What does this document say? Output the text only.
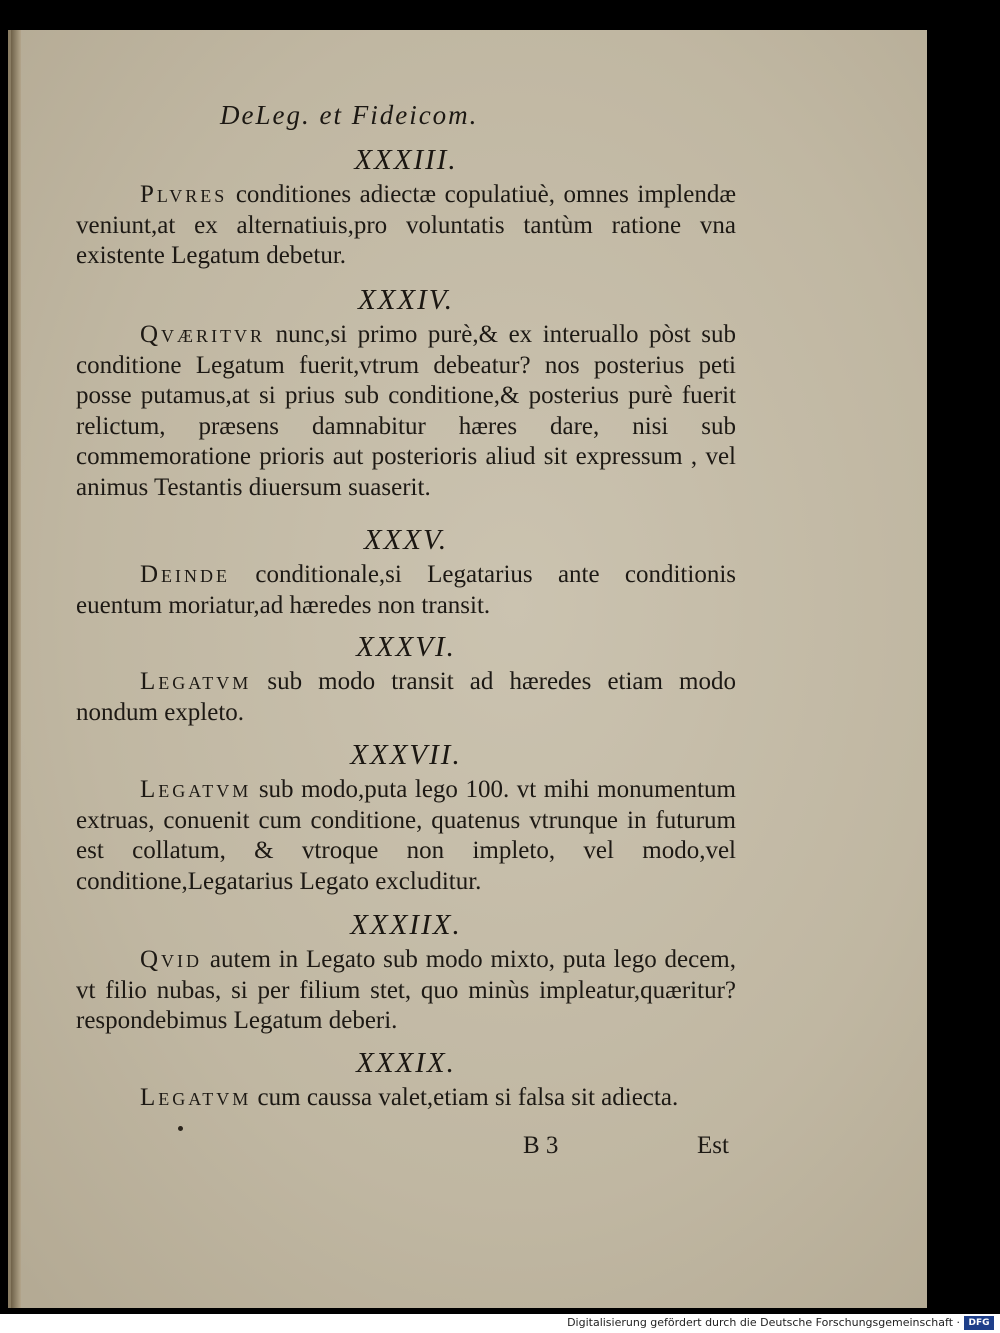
DeLeg. et Fideicom.
XXXIII.
Plvres conditiones adiectæ copulatiuè, omnes implendæ veniunt,at ex alternatiuis,pro voluntatis tantùm ratione vna existente Legatum debetur.
XXXIV.
Qværitvr nunc,si primo purè,& ex interuallo pòst sub conditione Legatum fuerit,vtrum debeatur? nos posterius peti posse putamus,at si prius sub conditione,& posterius purè fuerit relictum, præsens damnabitur hæres dare, nisi sub commemoratione prioris aut posterioris aliud sit expressum , vel animus Testantis diuersum suaserit.
XXXV.
Deinde conditionale,si Legatarius ante conditionis euentum moriatur,ad hæredes non transit.
XXXVI.
Legatvm sub modo transit ad hæredes etiam modo nondum expleto.
XXXVII.
Legatvm sub modo,puta lego 100. vt mihi monumentum extruas, conuenit cum conditione, quatenus vtrunque in futurum est collatum, & vtroque non impleto, vel modo,vel conditione,Legatarius Legato excluditur.
XXXIIX.
Qvid autem in Legato sub modo mixto, puta lego decem, vt filio nubas, si per filium stet, quo minùs impleatur,quæritur?respondebimus Legatum deberi.
XXXIX.
Legatvm cum caussa valet,etiam si falsa sit adiecta.
B 3	Est
Digitalisierung gefördert durch die Deutsche Forschungsgemeinschaft · DFG
